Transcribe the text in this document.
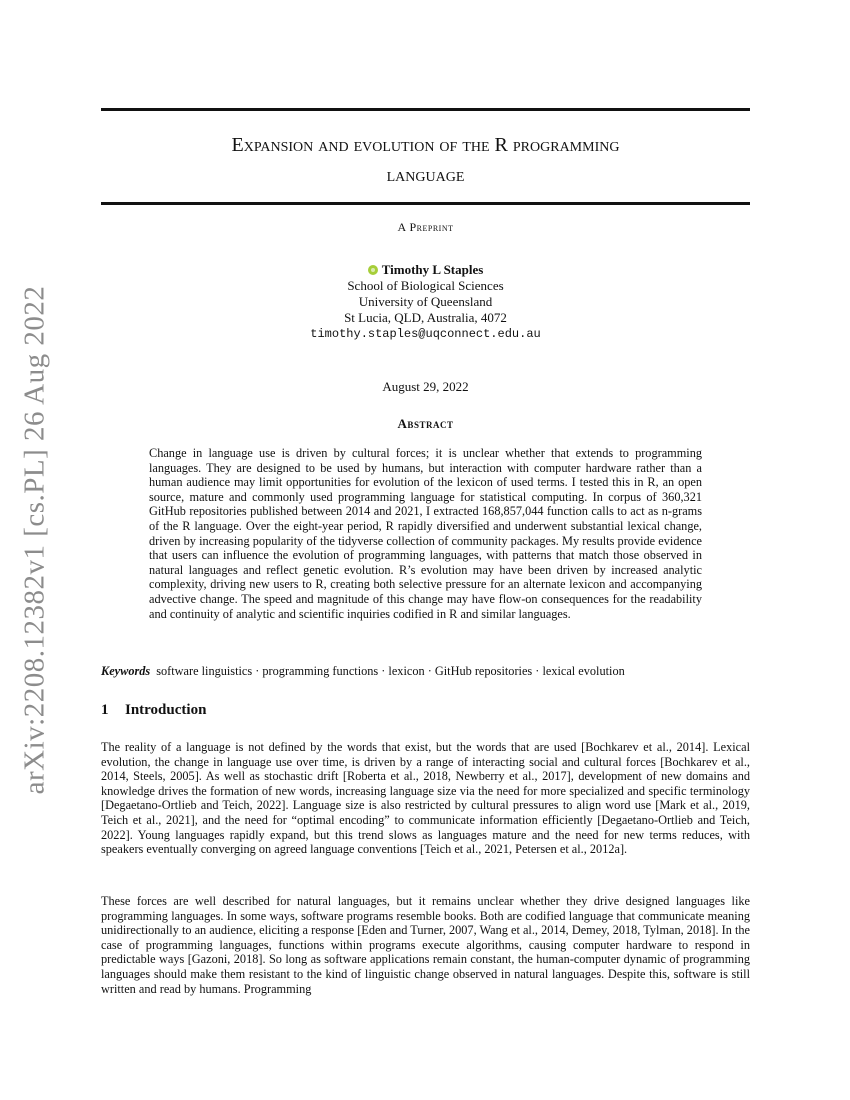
arXiv:2208.12382v1 [cs.PL] 26 Aug 2022
Expansion and evolution of the R programming
language
A Preprint
Timothy L Staples
School of Biological Sciences
University of Queensland
St Lucia, QLD, Australia, 4072
timothy.staples@uqconnect.edu.au
August 29, 2022
Abstract
Change in language use is driven by cultural forces; it is unclear whether that extends to programming languages. They are designed to be used by humans, but interaction with computer hardware rather than a human audience may limit opportunities for evolution of the lexicon of used terms. I tested this in R, an open source, mature and commonly used programming language for statistical computing. In corpus of 360,321 GitHub repositories published between 2014 and 2021, I extracted 168,857,044 function calls to act as n-grams of the R language. Over the eight-year period, R rapidly diversified and underwent substantial lexical change, driven by increasing popularity of the tidyverse collection of community packages. My results provide evidence that users can influence the evolution of programming languages, with patterns that match those observed in natural languages and reflect genetic evolution. R’s evolution may have been driven by increased analytic complexity, driving new users to R, creating both selective pressure for an alternate lexicon and accompanying advective change. The speed and magnitude of this change may have flow-on consequences for the readability and continuity of analytic and scientific inquiries codified in R and similar languages.
Keywords software linguistics · programming functions · lexicon · GitHub repositories · lexical evolution
1 Introduction
The reality of a language is not defined by the words that exist, but the words that are used [Bochkarev et al., 2014]. Lexical evolution, the change in language use over time, is driven by a range of interacting social and cultural forces [Bochkarev et al., 2014, Steels, 2005]. As well as stochastic drift [Roberta et al., 2018, Newberry et al., 2017], development of new domains and knowledge drives the formation of new words, increasing language size via the need for more specialized and specific terminology [Degaetano-Ortlieb and Teich, 2022]. Language size is also restricted by cultural pressures to align word use [Mark et al., 2019, Teich et al., 2021], and the need for “optimal encoding” to communicate information efficiently [Degaetano-Ortlieb and Teich, 2022]. Young languages rapidly expand, but this trend slows as languages mature and the need for new terms reduces, with speakers eventually converging on agreed language conventions [Teich et al., 2021, Petersen et al., 2012a].
These forces are well described for natural languages, but it remains unclear whether they drive designed languages like programming languages. In some ways, software programs resemble books. Both are codified language that communicate meaning unidirectionally to an audience, eliciting a response [Eden and Turner, 2007, Wang et al., 2014, Demey, 2018, Tylman, 2018]. In the case of programming languages, functions within programs execute algorithms, causing computer hardware to respond in predictable ways [Gazoni, 2018]. So long as software applications remain constant, the human-computer dynamic of programming languages should make them resistant to the kind of linguistic change observed in natural languages. Despite this, software is still written and read by humans. Programming
